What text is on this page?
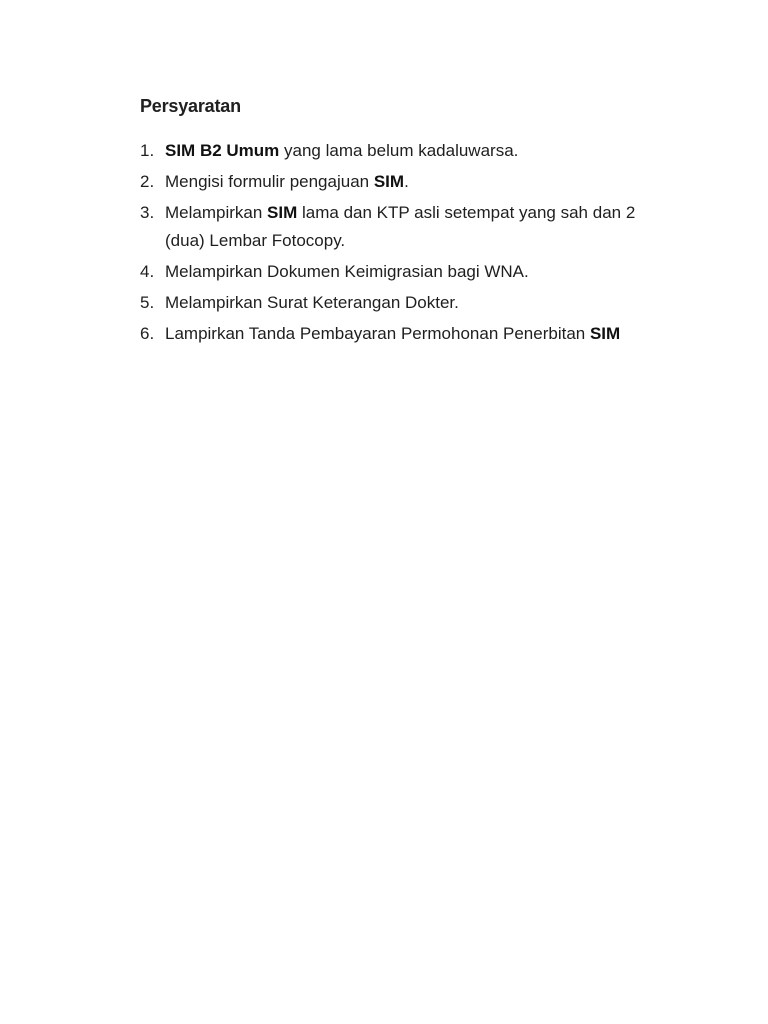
Persyaratan
1. SIM B2 Umum yang lama belum kadaluwarsa.
2. Mengisi formulir pengajuan SIM.
3. Melampirkan SIM lama dan KTP asli setempat yang sah dan 2
(dua) Lembar Fotocopy.
4. Melampirkan Dokumen Keimigrasian bagi WNA.
5. Melampirkan Surat Keterangan Dokter.
6. Lampirkan Tanda Pembayaran Permohonan Penerbitan SIM
